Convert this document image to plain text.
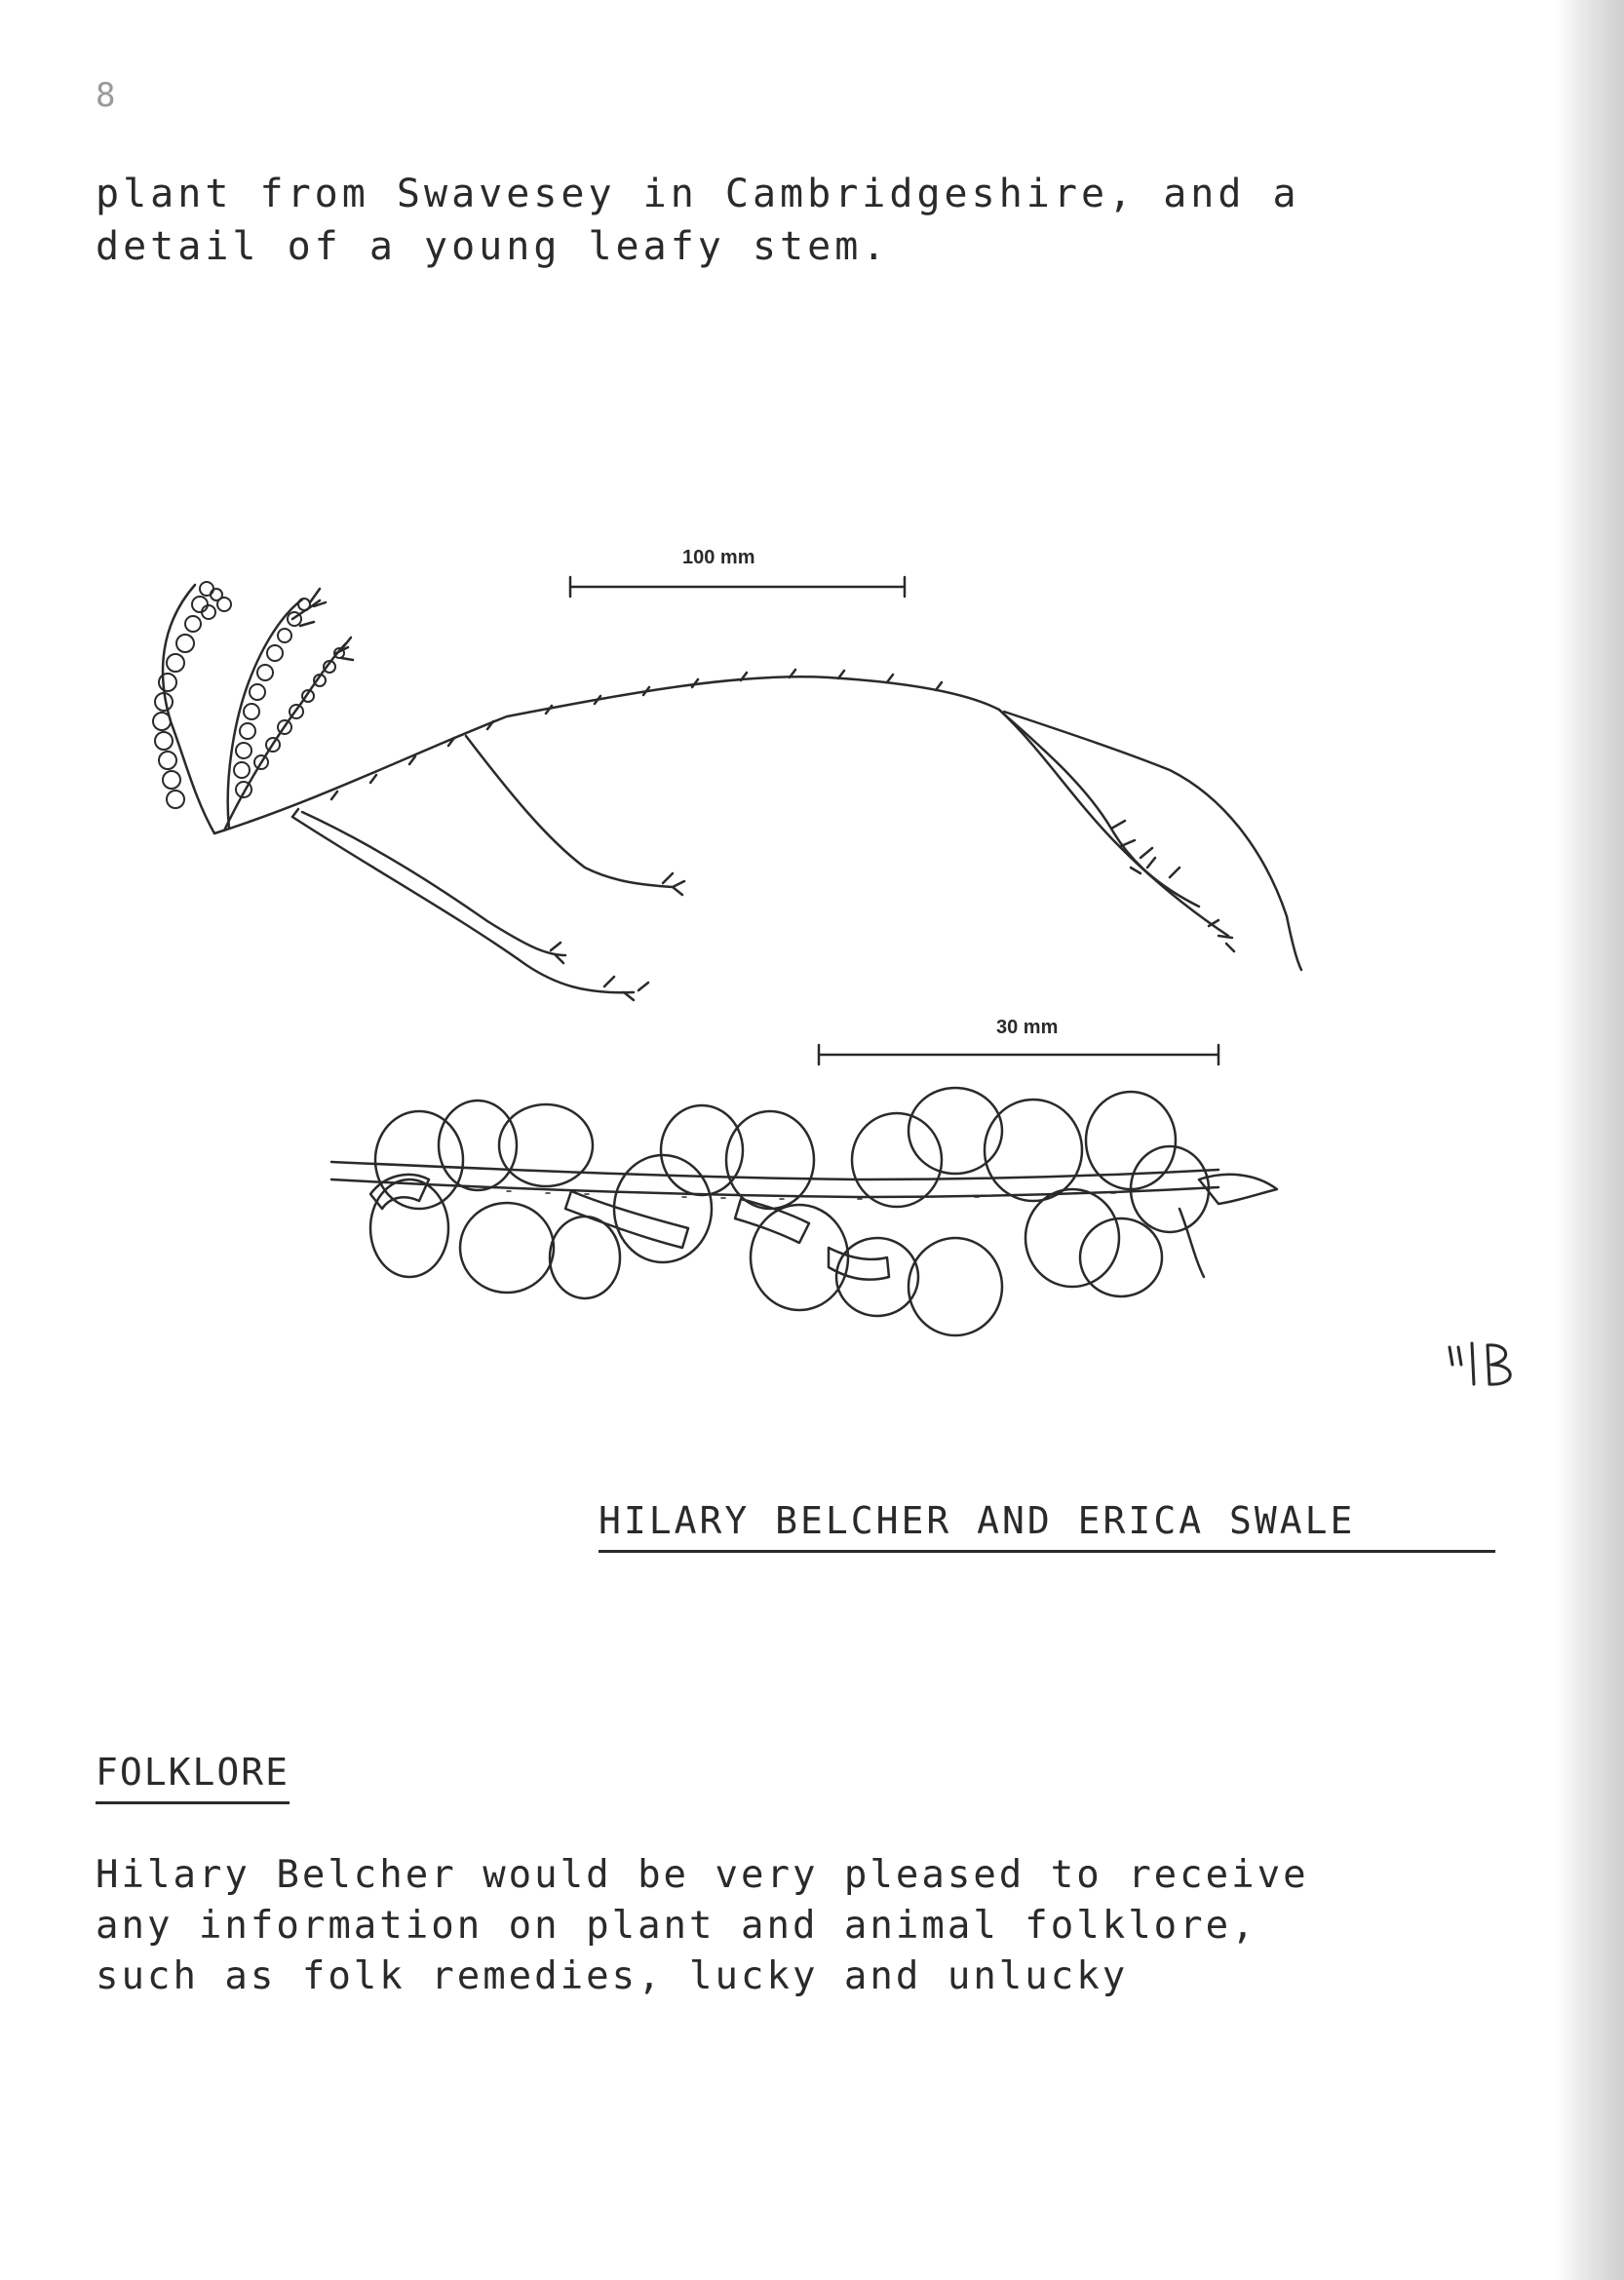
8

plant from Swavesey in Cambridgeshire, and a
detail of a young leafy stem.

100 mm
30 mm

HILARY BELCHER AND ERICA SWALE

FOLKLORE

Hilary Belcher would be very pleased to receive
any information on plant and animal folklore,
such as folk remedies, lucky and unlucky
